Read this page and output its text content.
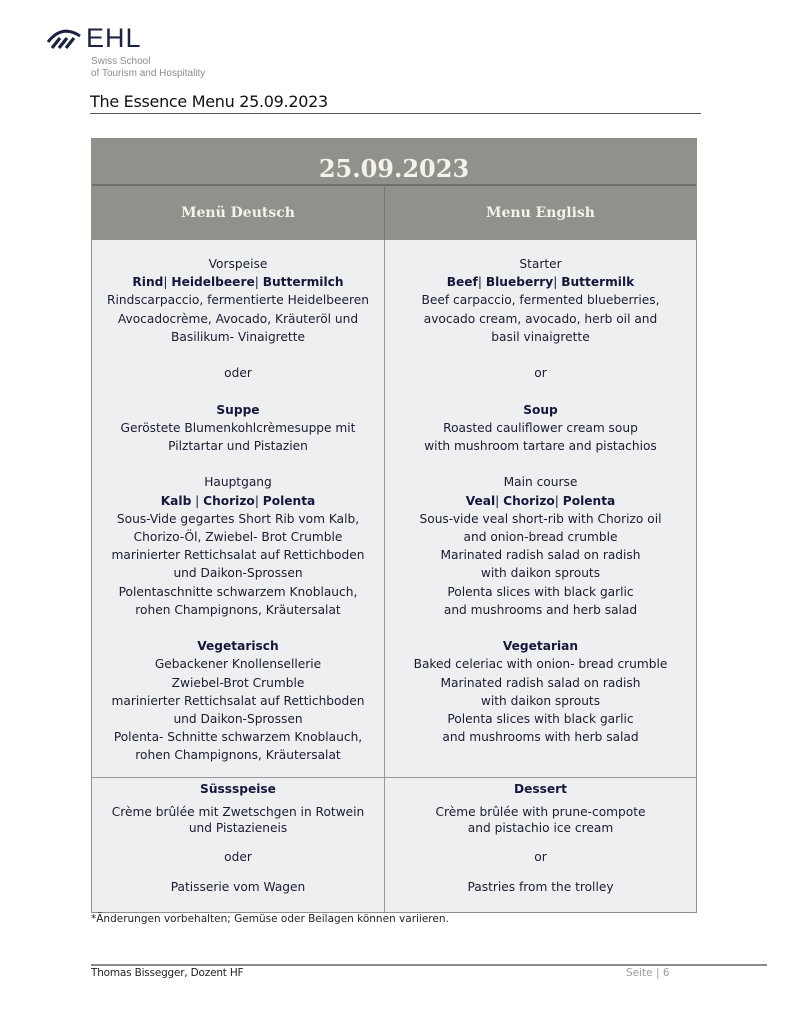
EHL
Swiss School
of Tourism and Hospitality
The Essence Menu 25.09.2023
25.09.2023
Menü Deutsch	Menu English
Vorspeise
Rind| Heidelbeere| Buttermilch
Rindscarpaccio, fermentierte Heidelbeeren
Avocadocrème, Avocado, Kräuteröl und
Basilikum- Vinaigrette
oder
Suppe
Geröstete Blumenkohlcrèmesuppe mit
Pilztartar und Pistazien
Hauptgang
Kalb | Chorizo| Polenta
Sous-Vide gegartes Short Rib vom Kalb,
Chorizo-Öl, Zwiebel- Brot Crumble
marinierter Rettichsalat auf Rettichboden
und Daikon-Sprossen
Polentaschnitte schwarzem Knoblauch,
rohen Champignons, Kräutersalat
Vegetarisch
Gebackener Knollensellerie
Zwiebel-Brot Crumble
marinierter Rettichsalat auf Rettichboden
und Daikon-Sprossen
Polenta- Schnitte schwarzem Knoblauch,
rohen Champignons, Kräutersalat
Starter
Beef| Blueberry| Buttermilk
Beef carpaccio, fermented blueberries,
avocado cream, avocado, herb oil and
basil vinaigrette
or
Soup
Roasted cauliflower cream soup
with mushroom tartare and pistachios
Main course
Veal| Chorizo| Polenta
Sous-vide veal short-rib with Chorizo oil
and onion-bread crumble
Marinated radish salad on radish
with daikon sprouts
Polenta slices with black garlic
and mushrooms and herb salad
Vegetarian
Baked celeriac with onion- bread crumble
Marinated radish salad on radish
with daikon sprouts
Polenta slices with black garlic
and mushrooms with herb salad
Süssspeise
Crème brûlée mit Zwetschgen in Rotwein
und Pistazieneis
oder
Patisserie vom Wagen
Dessert
Crème brûlée with prune-compote
and pistachio ice cream
or
Pastries from the trolley
*Änderungen vorbehalten; Gemüse oder Beilagen können variieren.
Thomas Bissegger, Dozent HF	Seite | 6
